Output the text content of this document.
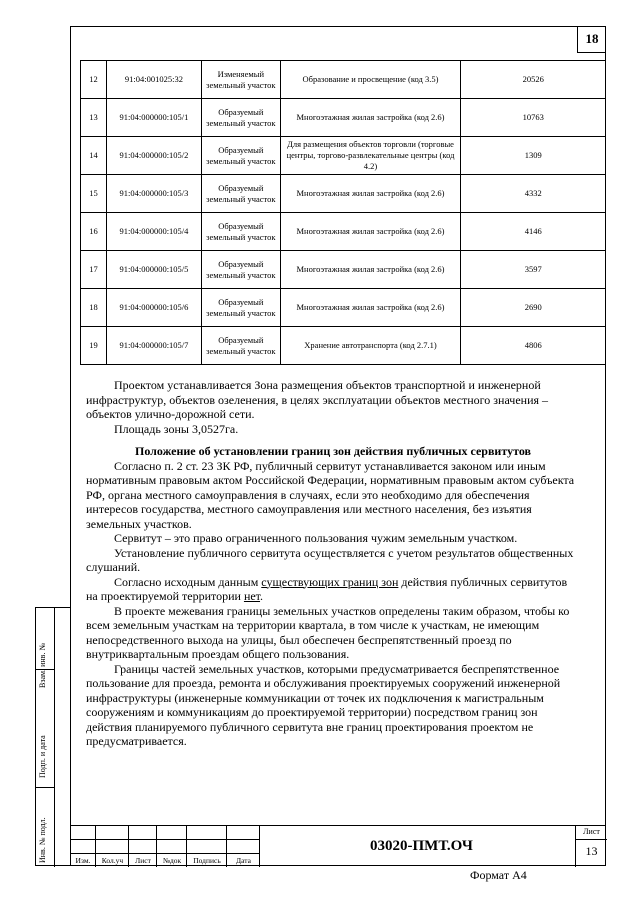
18
12	91:04:001025:32	Изменяемый земельный участок	Образование и просвещение (код 3.5)	20526
13	91:04:000000:105/1	Образуемый земельный участок	Многоэтажная жилая застройка (код 2.6)	10763
14	91:04:000000:105/2	Образуемый земельный участок	Для размещения объектов торговли (торговые центры, торгово-развлекательные центры (код 4.2)	1309
15	91:04:000000:105/3	Образуемый земельный участок	Многоэтажная жилая застройка (код 2.6)	4332
16	91:04:000000:105/4	Образуемый земельный участок	Многоэтажная жилая застройка (код 2.6)	4146
17	91:04:000000:105/5	Образуемый земельный участок	Многоэтажная жилая застройка (код 2.6)	3597
18	91:04:000000:105/6	Образуемый земельный участок	Многоэтажная жилая застройка (код 2.6)	2690
19	91:04:000000:105/7	Образуемый земельный участок	Хранение автотранспорта (код 2.7.1)	4806

Проектом устанавливается Зона размещения объектов транспортной и инженерной инфраструктур, объектов озеленения, в целях эксплуатации объектов местного значения – объектов улично-дорожной сети.

Площадь зоны 3,0527га.

Положение об установлении границ зон действия публичных сервитутов

Согласно п. 2 ст. 23 ЗК РФ, публичный сервитут устанавливается законом или иным нормативным правовым актом Российской Федерации, нормативным правовым актом субъекта РФ, органа местного самоуправления в случаях, если это необходимо для обеспечения интересов государства, местного самоуправления или местного населения, без изъятия земельных участков.

Сервитут – это право ограниченного пользования чужим земельным участком.

Установление публичного сервитута осуществляется с учетом результатов общественных слушаний.

Согласно исходным данным существующих границ зон действия публичных сервитутов на проектируемой территории нет.

В проекте межевания границы земельных участков определены таким образом, чтобы ко всем земельным участкам на территории квартала, в том числе к участкам, не имеющим непосредственного выхода на улицы, был обеспечен беспрепятственный проезд по внутриквартальным проездам общего пользования.

Границы частей земельных участков, которыми предусматривается беспрепятственное пользование для проезда, ремонта и обслуживания проектируемых сооружений инженерной инфраструктуры (инженерные коммуникации от точек их подключения к магистральным сооружениям и коммуникациям до проектируемой территории) посредством границ зон действия планируемого публичного сервитута вне границ проектирования проектом не предусматривается.

Взам. инв. №
Подп. и дата
Инв. № подл.	Изм.	Кол.уч	Лист	№док	Подпись	Дата
03020-ПМТ.ОЧ
Лист
13
Формат А4
